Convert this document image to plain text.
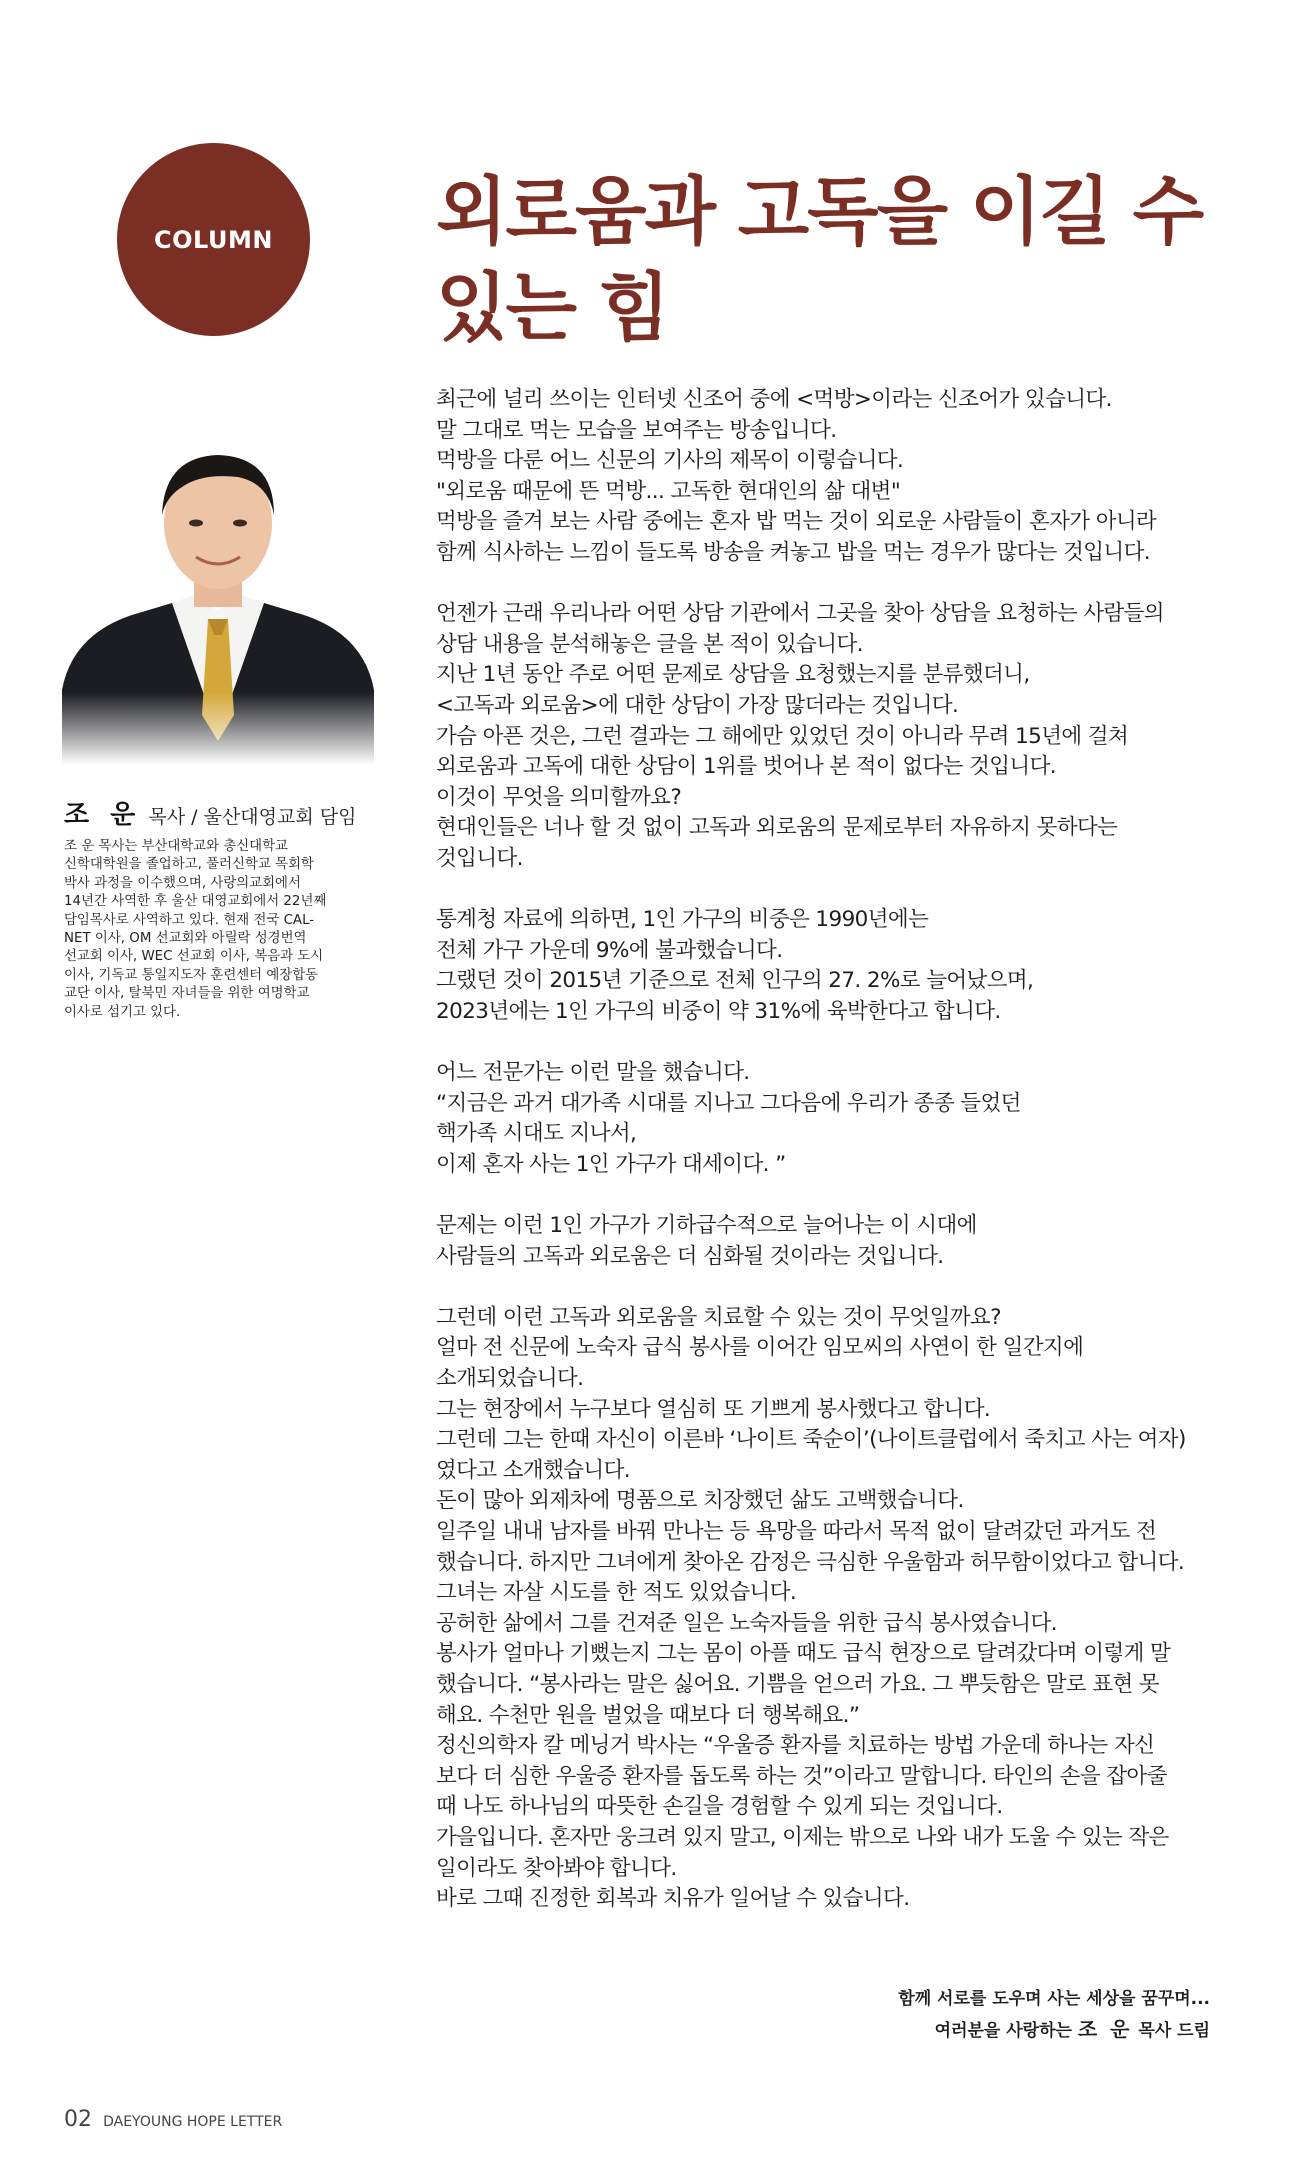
COLUMN 외로움과 고독을 이길 수
있는 힘
조 운 목사 / 울산대영교회 담임
조 운 목사는 부산대학교와 총신대학교
신학대학원을 졸업하고, 풀러신학교 목회학
박사 과정을 이수했으며, 사랑의교회에서
14년간 사역한 후 울산 대영교회에서 22년째
담임목사로 사역하고 있다. 현재 전국 CAL-
NET 이사, OM 선교회와 아릴락 성경번역
선교회 이사, WEC 선교회 이사, 복음과 도시
이사, 기독교 통일지도자 훈련센터 예장합동
교단 이사, 탈북민 자녀들을 위한 여명학교
이사로 섬기고 있다.
최근에 널리 쓰이는 인터넷 신조어 중에 <먹방>이라는 신조어가 있습니다.
말 그대로 먹는 모습을 보여주는 방송입니다.
먹방을 다룬 어느 신문의 기사의 제목이 이렇습니다.
"외로움 때문에 뜬 먹방... 고독한 현대인의 삶 대변"
먹방을 즐겨 보는 사람 중에는 혼자 밥 먹는 것이 외로운 사람들이 혼자가 아니라
함께 식사하는 느낌이 들도록 방송을 켜놓고 밥을 먹는 경우가 많다는 것입니다.
언젠가 근래 우리나라 어떤 상담 기관에서 그곳을 찾아 상담을 요청하는 사람들의
상담 내용을 분석해놓은 글을 본 적이 있습니다.
지난 1년 동안 주로 어떤 문제로 상담을 요청했는지를 분류했더니,
<고독과 외로움>에 대한 상담이 가장 많더라는 것입니다.
가슴 아픈 것은, 그런 결과는 그 해에만 있었던 것이 아니라 무려 15년에 걸쳐
외로움과 고독에 대한 상담이 1위를 벗어나 본 적이 없다는 것입니다.
이것이 무엇을 의미할까요?
현대인들은 너나 할 것 없이 고독과 외로움의 문제로부터 자유하지 못하다는
것입니다.
통계청 자료에 의하면, 1인 가구의 비중은 1990년에는
전체 가구 가운데 9%에 불과했습니다.
그랬던 것이 2015년 기준으로 전체 인구의 27. 2%로 늘어났으며,
2023년에는 1인 가구의 비중이 약 31%에 육박한다고 합니다.
어느 전문가는 이런 말을 했습니다.
“지금은 과거 대가족 시대를 지나고 그다음에 우리가 종종 들었던
핵가족 시대도 지나서,
이제 혼자 사는 1인 가구가 대세이다. ”
문제는 이런 1인 가구가 기하급수적으로 늘어나는 이 시대에
사람들의 고독과 외로움은 더 심화될 것이라는 것입니다.
그런데 이런 고독과 외로움을 치료할 수 있는 것이 무엇일까요?
얼마 전 신문에 노숙자 급식 봉사를 이어간 임모씨의 사연이 한 일간지에
소개되었습니다.
그는 현장에서 누구보다 열심히 또 기쁘게 봉사했다고 합니다.
그런데 그는 한때 자신이 이른바 ‘나이트 죽순이’(나이트클럽에서 죽치고 사는 여자)
였다고 소개했습니다.
돈이 많아 외제차에 명품으로 치장했던 삶도 고백했습니다.
일주일 내내 남자를 바꿔 만나는 등 욕망을 따라서 목적 없이 달려갔던 과거도 전
했습니다. 하지만 그녀에게 찾아온 감정은 극심한 우울함과 허무함이었다고 합니다.
그녀는 자살 시도를 한 적도 있었습니다.
공허한 삶에서 그를 건져준 일은 노숙자들을 위한 급식 봉사였습니다.
봉사가 얼마나 기뻤는지 그는 몸이 아플 때도 급식 현장으로 달려갔다며 이렇게 말
했습니다. “봉사라는 말은 싫어요. 기쁨을 얻으러 가요. 그 뿌듯함은 말로 표현 못
해요. 수천만 원을 벌었을 때보다 더 행복해요.”
정신의학자 칼 메닝거 박사는 “우울증 환자를 치료하는 방법 가운데 하나는 자신
보다 더 심한 우울증 환자를 돕도록 하는 것”이라고 말합니다. 타인의 손을 잡아줄
때 나도 하나님의 따뜻한 손길을 경험할 수 있게 되는 것입니다.
가을입니다. 혼자만 웅크려 있지 말고, 이제는 밖으로 나와 내가 도울 수 있는 작은
일이라도 찾아봐야 합니다.
바로 그때 진정한 회복과 치유가 일어날 수 있습니다.
함께 서로를 도우며 사는 세상을 꿈꾸며...
여러분을 사랑하는 조 운 목사 드림
02 DAEYOUNG HOPE LETTER
